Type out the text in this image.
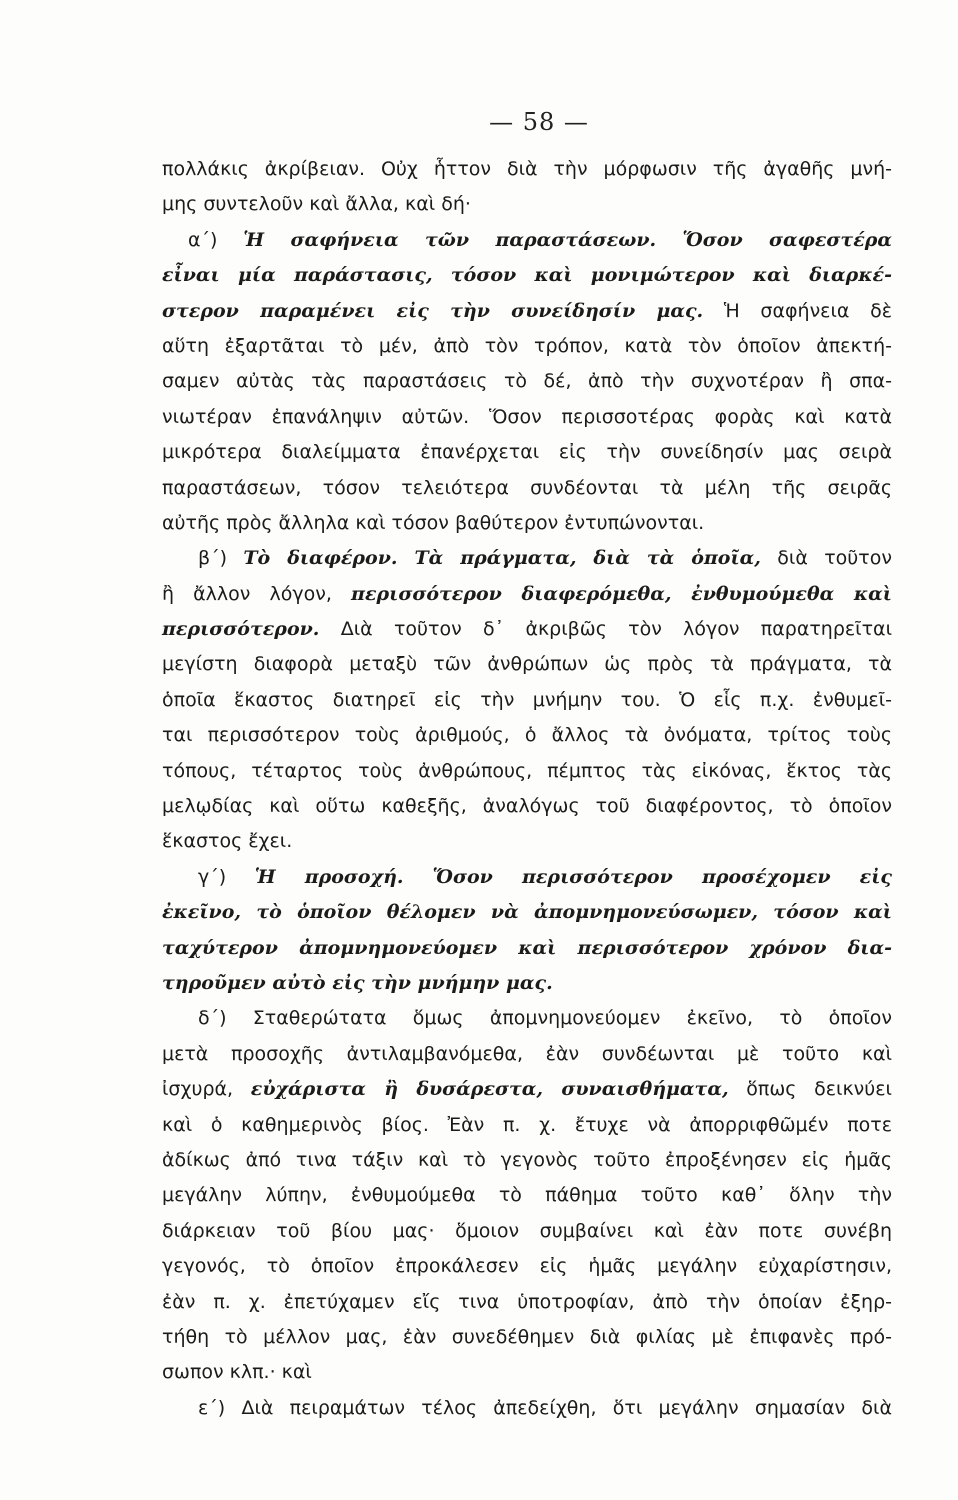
— 58 —
πολλάκις ἀκρίβειαν. Οὐχ ἧττον διὰ τὴν μόρφωσιν τῆς ἀγαθῆς μνή-
μης συντελοῦν καὶ ἄλλα, καὶ δή·
α΄) Ἡ σαφήνεια τῶν παραστάσεων. Ὅσον σαφεστέρα
εἶναι μία παράστασις, τόσον καὶ μονιμώτερον καὶ διαρκέ-
στερον παραμένει εἰς τὴν συνείδησίν μας. Ἡ σαφήνεια δὲ
αὕτη ἐξαρτᾶται τὸ μέν, ἀπὸ τὸν τρόπον, κατὰ τὸν ὁποῖον ἀπεκτή-
σαμεν αὐτὰς τὰς παραστάσεις τὸ δέ, ἀπὸ τὴν συχνοτέραν ἢ σπα-
νιωτέραν ἐπανάληψιν αὐτῶν. Ὅσον περισσοτέρας φορὰς καὶ κατὰ
μικρότερα διαλείμματα ἐπανέρχεται εἰς τὴν συνείδησίν μας σειρὰ
παραστάσεων, τόσον τελειότερα συνδέονται τὰ μέλη τῆς σειρᾶς
αὐτῆς πρὸς ἄλληλα καὶ τόσον βαθύτερον ἐντυπώνονται.
β΄) Τὸ διαφέρον. Τὰ πράγματα, διὰ τὰ ὁποῖα, διὰ τοῦτον
ἢ ἄλλον λόγον, περισσότερον διαφερόμεθα, ἐνθυμούμεθα καὶ
περισσότερον. Διὰ τοῦτον δ᾽ ἀκριβῶς τὸν λόγον παρατηρεῖται
μεγίστη διαφορὰ μεταξὺ τῶν ἀνθρώπων ὡς πρὸς τὰ πράγματα, τὰ
ὁποῖα ἕκαστος διατηρεῖ εἰς τὴν μνήμην του. Ὁ εἷς π.χ. ἐνθυμεῖ-
ται περισσότερον τοὺς ἀριθμούς, ὁ ἄλλος τὰ ὀνόματα, τρίτος τοὺς
τόπους, τέταρτος τοὺς ἀνθρώπους, πέμπτος τὰς εἰκόνας, ἕκτος τὰς
μελῳδίας καὶ οὕτω καθεξῆς, ἀναλόγως τοῦ διαφέροντος, τὸ ὁποῖον
ἕκαστος ἔχει.
γ΄) Ἡ προσοχή. Ὅσον περισσότερον προσέχομεν εἰς
ἐκεῖνο, τὸ ὁποῖον θέλομεν νὰ ἀπομνημονεύσωμεν, τόσον καὶ
ταχύτερον ἀπομνημονεύομεν καὶ περισσότερον χρόνον δια-
τηροῦμεν αὐτὸ εἰς τὴν μνήμην μας.
δ΄) Σταθερώτατα ὅμως ἀπομνημονεύομεν ἐκεῖνο, τὸ ὁποῖον
μετὰ προσοχῆς ἀντιλαμβανόμεθα, ἐὰν συνδέωνται μὲ τοῦτο καὶ
ἰσχυρά, εὐχάριστα ἢ δυσάρεστα, συναισθήματα, ὅπως δεικνύει
καὶ ὁ καθημερινὸς βίος. Ἐὰν π. χ. ἔτυχε νὰ ἀπορριφθῶμέν ποτε
ἀδίκως ἀπό τινα τάξιν καὶ τὸ γεγονὸς τοῦτο ἐπροξένησεν εἰς ἡμᾶς
μεγάλην λύπην, ἐνθυμούμεθα τὸ πάθημα τοῦτο καθ᾽ ὅλην τὴν
διάρκειαν τοῦ βίου μας· ὅμοιον συμβαίνει καὶ ἐὰν ποτε συνέβη
γεγονός, τὸ ὁποῖον ἐπροκάλεσεν εἰς ἡμᾶς μεγάλην εὐχαρίστησιν,
ἐὰν π. χ. ἐπετύχαμεν εἴς τινα ὑποτροφίαν, ἀπὸ τὴν ὁποίαν ἐξηρ-
τήθη τὸ μέλλον μας, ἐὰν συνεδέθημεν διὰ φιλίας μὲ ἐπιφανὲς πρό-
σωπον κλπ.· καὶ
ε΄) Διὰ πειραμάτων τέλος ἀπεδείχθη, ὅτι μεγάλην σημασίαν διὰ
